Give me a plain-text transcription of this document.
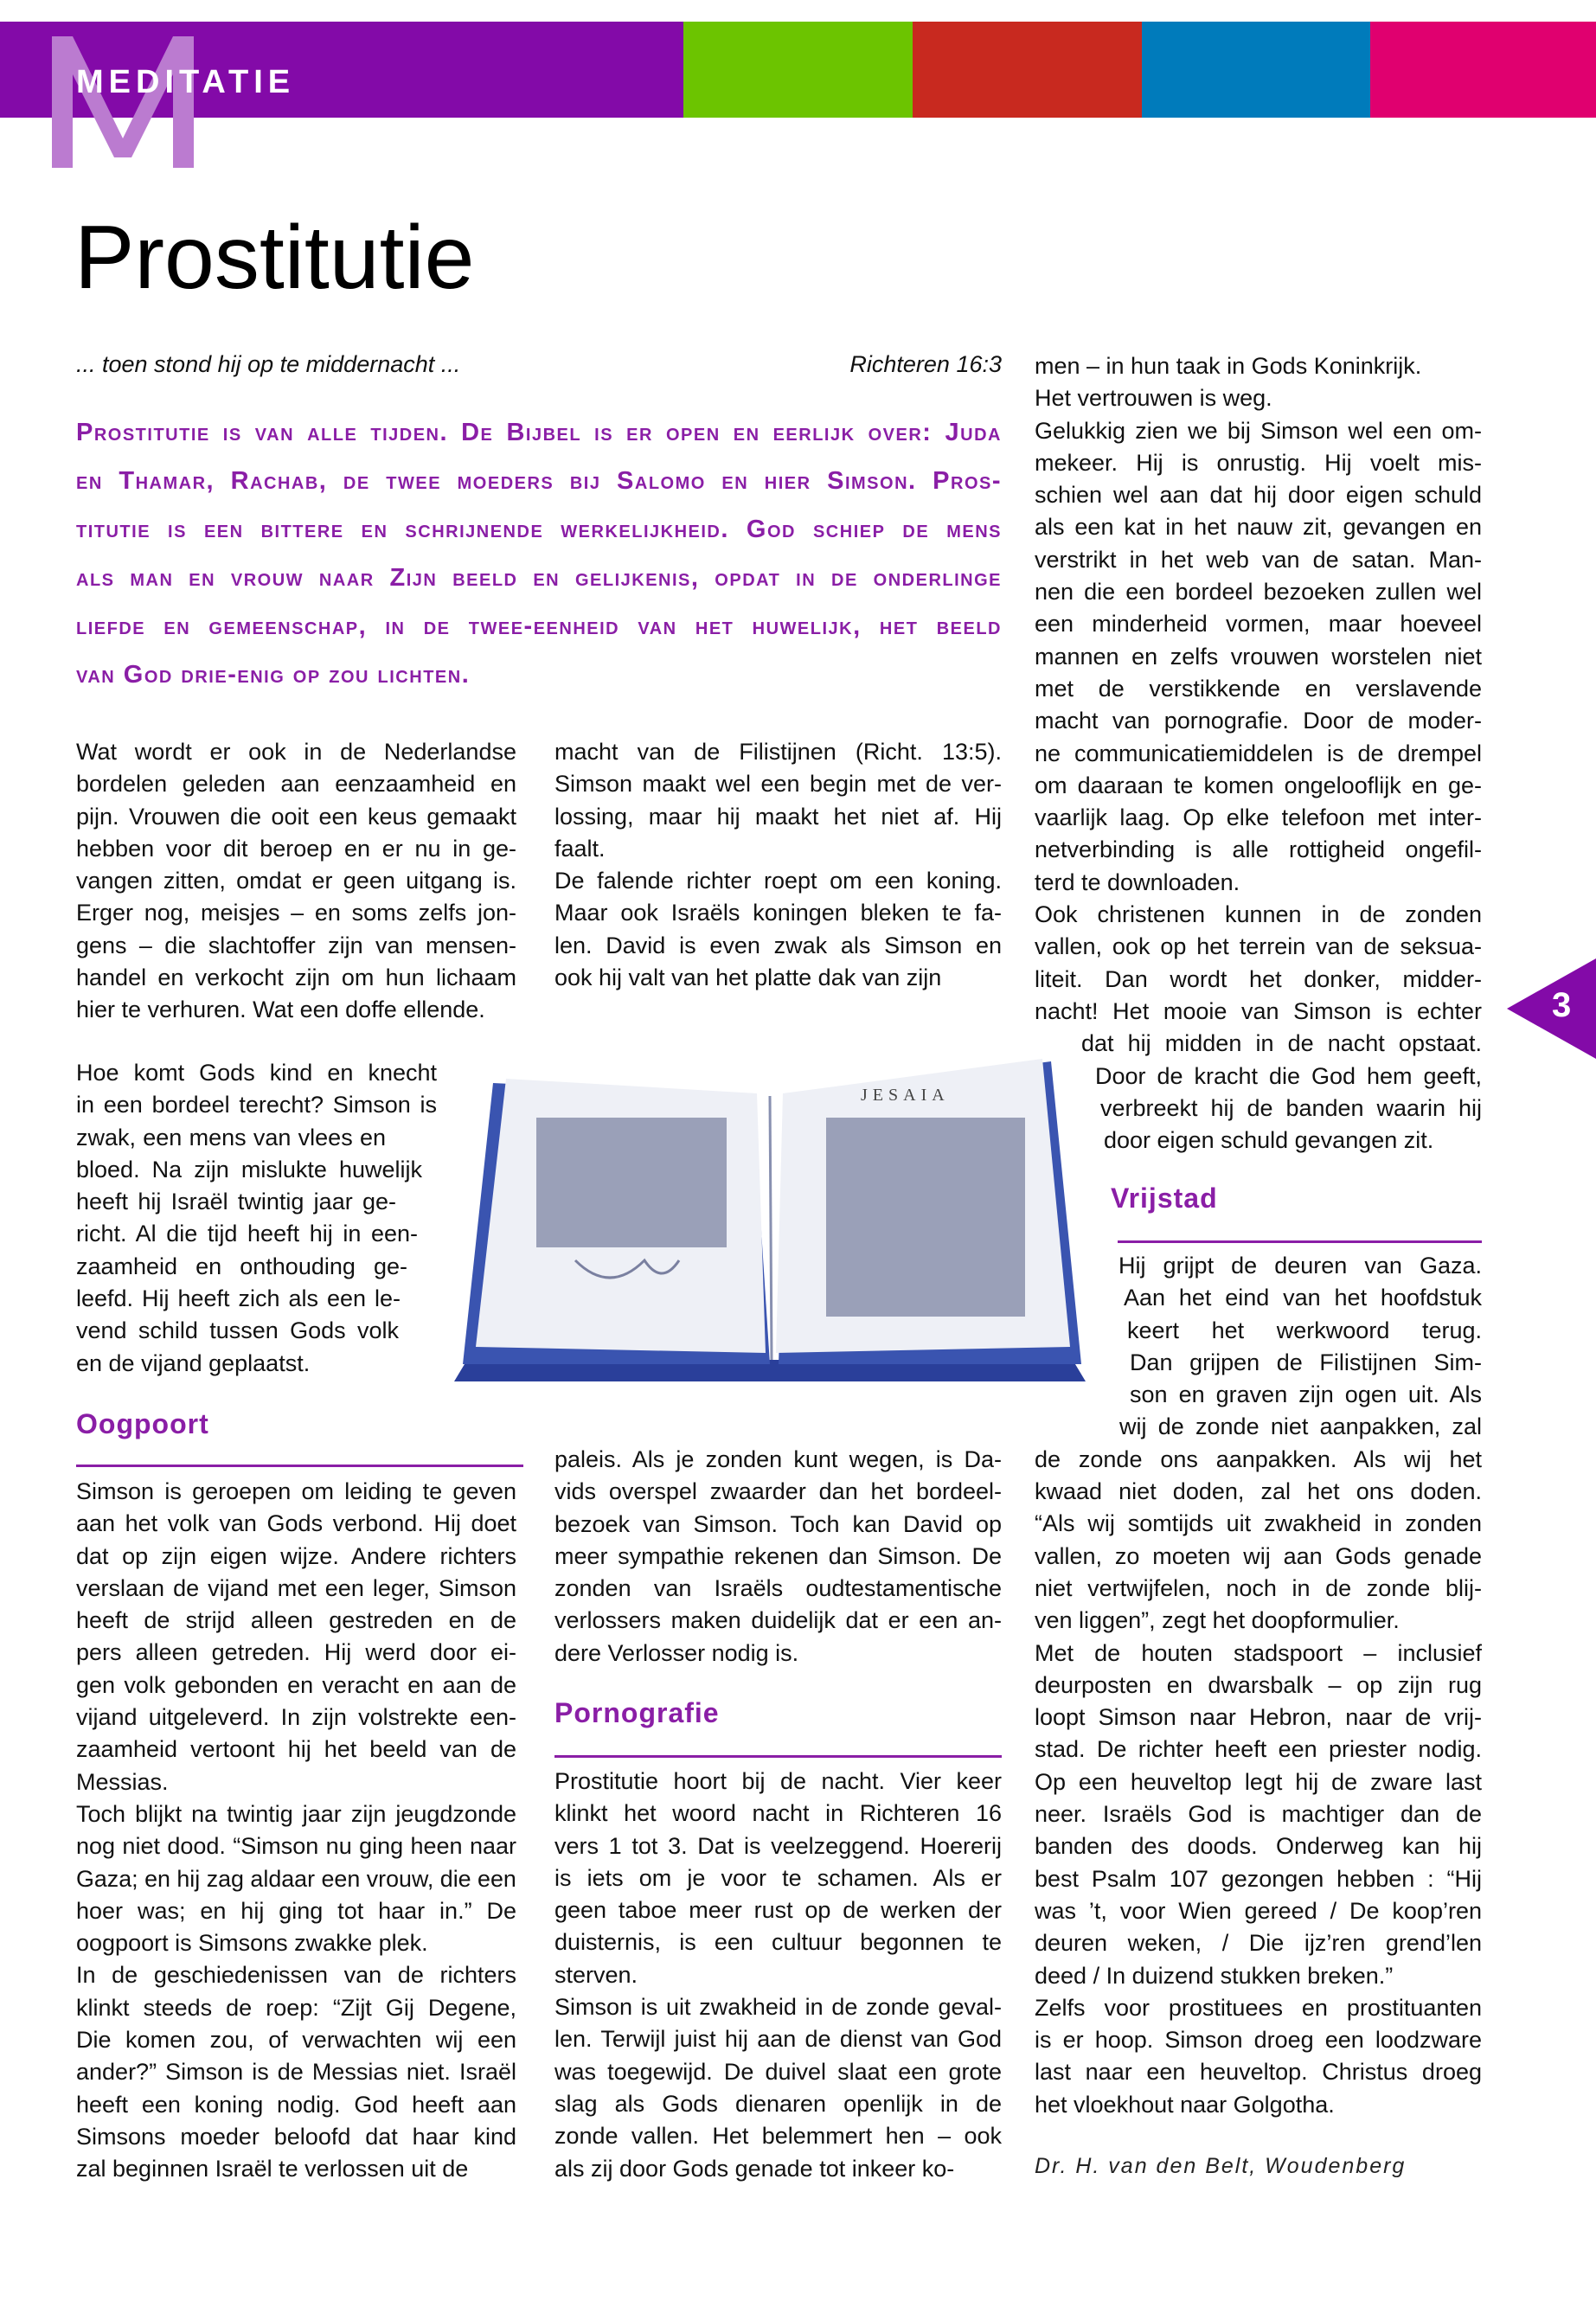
MEDITATIE
Prostitutie
... toen stond hij op te middernacht ...	Richteren 16:3
Prostitutie is van alle tijden. De Bijbel is er open en eerlijk over: Juda
en Thamar, Rachab, de twee moeders bij Salomo en hier Simson. Pros-
titutie is een bittere en schrijnende werkelijkheid. God schiep de mens
als man en vrouw naar Zijn beeld en gelijkenis, opdat in de onderlinge
liefde en gemeenschap, in de twee-eenheid van het huwelijk, het beeld
van God drie-enig op zou lichten.
Oogpoort
Pornografie
Vrijstad
JESAIA
3
Dr. H. van den Belt, Woudenberg
Wat wordt er ook in de Nederlandse
bordelen geleden aan eenzaamheid en
pijn. Vrouwen die ooit een keus gemaakt
hebben voor dit beroep en er nu in ge-
vangen zitten, omdat er geen uitgang is.
Erger nog, meisjes – en soms zelfs jon-
gens – die slachtoffer zijn van mensen-
handel en verkocht zijn om hun lichaam
hier te verhuren. Wat een doffe ellende.
Hoe komt Gods kind en knecht
in een bordeel terecht? Simson is
zwak, een mens van vlees en
bloed. Na zijn mislukte huwelijk
heeft hij Israël twintig jaar ge-
richt. Al die tijd heeft hij in een-
zaamheid en onthouding ge-
leefd. Hij heeft zich als een le-
vend schild tussen Gods volk
en de vijand geplaatst.
Simson is geroepen om leiding te geven
aan het volk van Gods verbond. Hij doet
dat op zijn eigen wijze. Andere richters
verslaan de vijand met een leger, Simson
heeft de strijd alleen gestreden en de
pers alleen getreden. Hij werd door ei-
gen volk gebonden en veracht en aan de
vijand uitgeleverd. In zijn volstrekte een-
zaamheid vertoont hij het beeld van de
Messias.
Toch blijkt na twintig jaar zijn jeugdzonde
nog niet dood. “Simson nu ging heen naar
Gaza; en hij zag aldaar een vrouw, die een
hoer was; en hij ging tot haar in.” De
oogpoort is Simsons zwakke plek.
In de geschiedenissen van de richters
klinkt steeds de roep: “Zijt Gij Degene,
Die komen zou, of verwachten wij een
ander?” Simson is de Messias niet. Israël
heeft een koning nodig. God heeft aan
Simsons moeder beloofd dat haar kind
zal beginnen Israël te verlossen uit de
macht van de Filistijnen (Richt. 13:5).
Simson maakt wel een begin met de ver-
lossing, maar hij maakt het niet af. Hij
faalt.
De falende richter roept om een koning.
Maar ook Israëls koningen bleken te fa-
len. David is even zwak als Simson en
ook hij valt van het platte dak van zijn
paleis. Als je zonden kunt wegen, is Da-
vids overspel zwaarder dan het bordeel-
bezoek van Simson. Toch kan David op
meer sympathie rekenen dan Simson. De
zonden van Israëls oudtestamentische
verlossers maken duidelijk dat er een an-
dere Verlosser nodig is.
Prostitutie hoort bij de nacht. Vier keer
klinkt het woord nacht in Richteren 16
vers 1 tot 3. Dat is veelzeggend. Hoererij
is iets om je voor te schamen. Als er
geen taboe meer rust op de werken der
duisternis, is een cultuur begonnen te
sterven.
Simson is uit zwakheid in de zonde geval-
len. Terwijl juist hij aan de dienst van God
was toegewijd. De duivel slaat een grote
slag als Gods dienaren openlijk in de
zonde vallen. Het belemmert hen – ook
als zij door Gods genade tot inkeer ko-
men – in hun taak in Gods Koninkrijk.
Het vertrouwen is weg.
Gelukkig zien we bij Simson wel een om-
mekeer. Hij is onrustig. Hij voelt mis-
schien wel aan dat hij door eigen schuld
als een kat in het nauw zit, gevangen en
verstrikt in het web van de satan. Man-
nen die een bordeel bezoeken zullen wel
een minderheid vormen, maar hoeveel
mannen en zelfs vrouwen worstelen niet
met de verstikkende en verslavende
macht van pornografie. Door de moder-
ne communicatiemiddelen is de drempel
om daaraan te komen ongelooflijk en ge-
vaarlijk laag. Op elke telefoon met inter-
netverbinding is alle rottigheid ongefil-
terd te downloaden.
Ook christenen kunnen in de zonden
vallen, ook op het terrein van de seksua-
liteit. Dan wordt het donker, midder-
nacht! Het mooie van Simson is echter
dat hij midden in de nacht opstaat.
Door de kracht die God hem geeft,
verbreekt hij de banden waarin hij
door eigen schuld gevangen zit.
Hij grijpt de deuren van Gaza.
Aan het eind van het hoofdstuk
keert het werkwoord terug.
Dan grijpen de Filistijnen Sim-
son en graven zijn ogen uit. Als
wij de zonde niet aanpakken, zal
de zonde ons aanpakken. Als wij het
kwaad niet doden, zal het ons doden.
“Als wij somtijds uit zwakheid in zonden
vallen, zo moeten wij aan Gods genade
niet vertwijfelen, noch in de zonde blij-
ven liggen”, zegt het doopformulier.
Met de houten stadspoort – inclusief
deurposten en dwarsbalk – op zijn rug
loopt Simson naar Hebron, naar de vrij-
stad. De richter heeft een priester nodig.
Op een heuveltop legt hij de zware last
neer. Israëls God is machtiger dan de
banden des doods. Onderweg kan hij
best Psalm 107 gezongen hebben : “Hij
was ’t, voor Wien gereed / De koop’ren
deuren weken, / Die ijz’ren grend’len
deed / In duizend stukken breken.”
Zelfs voor prostituees en prostituanten
is er hoop. Simson droeg een loodzware
last naar een heuveltop. Christus droeg
het vloekhout naar Golgotha.
